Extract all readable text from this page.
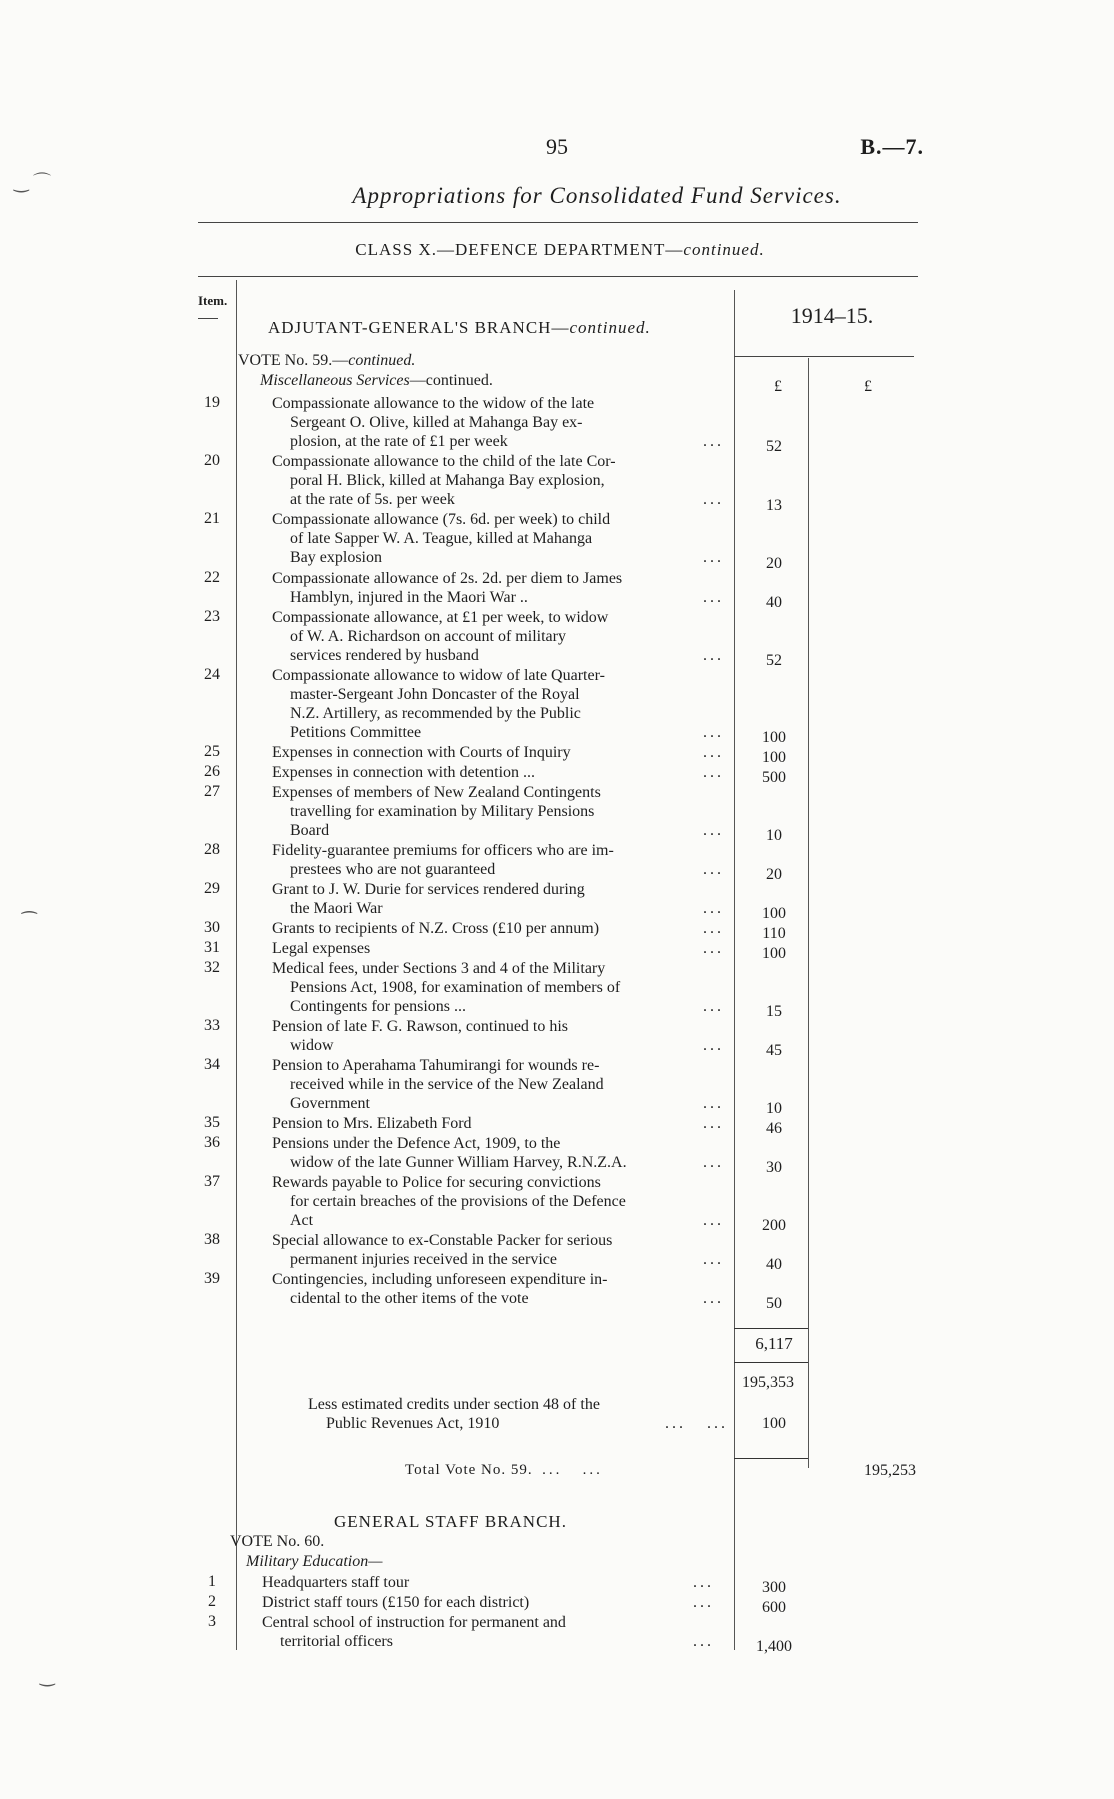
95	B.—7.
Appropriations for Consolidated Fund Services.
CLASS X.—DEFENCE DEPARTMENT—continued.
Item.
1914–15.
£	£
ADJUTANT-GENERAL'S BRANCH—continued.
VOTE No. 59.—continued.
Miscellaneous Services—continued.
19	Compassionate allowance to the widow of the late
Sergeant O. Olive, killed at Mahanga Bay ex-
plosion, at the rate of £1 per week	...	52
20	Compassionate allowance to the child of the late Cor-
poral H. Blick, killed at Mahanga Bay explosion,
at the rate of 5s. per week	...	13
21	Compassionate allowance (7s. 6d. per week) to child
of late Sapper W. A. Teague, killed at Mahanga
Bay explosion	...	20
22	Compassionate allowance of 2s. 2d. per diem to James
Hamblyn, injured in the Maori War ..	...	40
23	Compassionate allowance, at £1 per week, to widow
of W. A. Richardson on account of military
services rendered by husband	...	52
24	Compassionate allowance to widow of late Quarter-
master-Sergeant John Doncaster of the Royal
N.Z. Artillery, as recommended by the Public
Petitions Committee	...	100
25	Expenses in connection with Courts of Inquiry	...	100
26	Expenses in connection with detention ...	...	500
27	Expenses of members of New Zealand Contingents
travelling for examination by Military Pensions
Board	...	10
28	Fidelity-guarantee premiums for officers who are im-
prestees who are not guaranteed	...	20
29	Grant to J. W. Durie for services rendered during
the Maori War	...	100
30	Grants to recipients of N.Z. Cross (£10 per annum)	...	110
31	Legal expenses	...	100
32	Medical fees, under Sections 3 and 4 of the Military
Pensions Act, 1908, for examination of members of
Contingents for pensions ...	...	15
33	Pension of late F. G. Rawson, continued to his
widow	...	45
34	Pension to Aperahama Tahumirangi for wounds re-
received while in the service of the New Zealand
Government	...	10
35	Pension to Mrs. Elizabeth Ford	...	46
36	Pensions under the Defence Act, 1909, to the
widow of the late Gunner William Harvey, R.N.Z.A.	...	30
37	Rewards payable to Police for securing convictions
for certain breaches of the provisions of the Defence
Act	...	200
38	Special allowance to ex-Constable Packer for serious
permanent injuries received in the service	...	40
39	Contingencies, including unforeseen expenditure in-
cidental to the other items of the vote	...	50
6,117
195,353
Less estimated credits under section 48 of the
Public Revenues Act, 1910	...   ...	100
Total Vote No. 59. ...   ...	195,253
GENERAL STAFF BRANCH.
VOTE No. 60.
Military Education—
1	Headquarters staff tour	...	300
2	District staff tours (£150 for each district)	...	600
3	Central school of instruction for permanent and
territorial officers	...	1,400
‿ ⌒
⁀
‿
